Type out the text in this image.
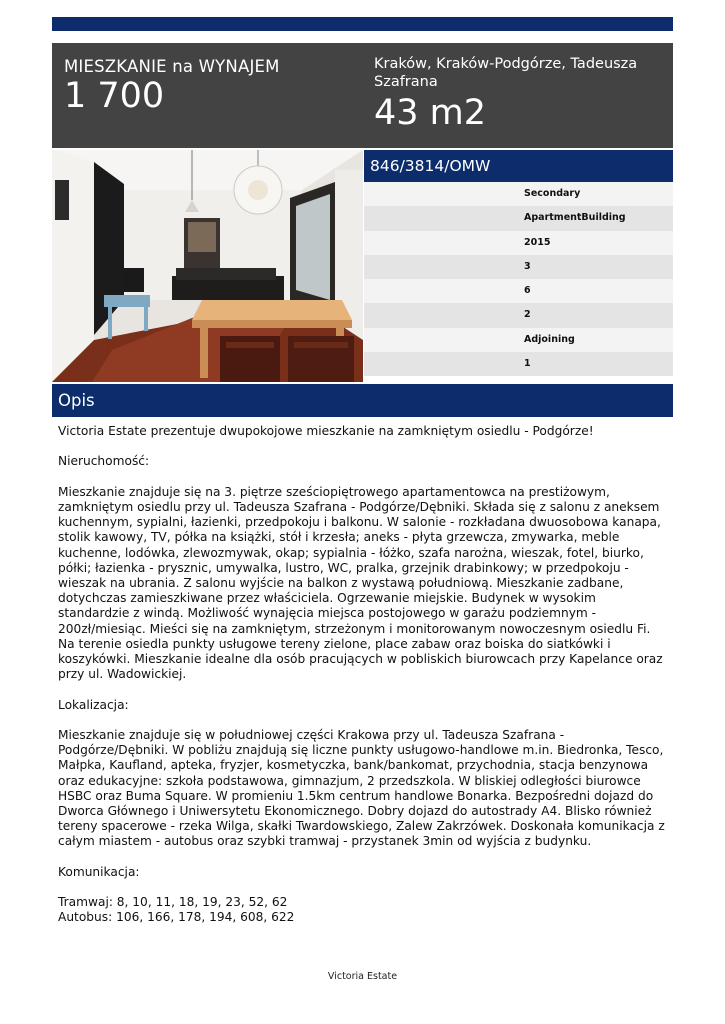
MIESZKANIE na WYNAJEM
1 700
Kraków, Kraków-Podgórze, Tadeusza Szafrana
43 m2
846/3814/OMW
Secondary
ApartmentBuilding
2015
3
6
2
Adjoining
1
Opis

Victoria Estate prezentuje dwupokojowe mieszkanie na zamkniętym osiedlu - Podgórze!

Nieruchomość:

Mieszkanie znajduje się na 3. piętrze sześciopiętrowego apartamentowca na prestiżowym, zamkniętym osiedlu przy ul. Tadeusza Szafrana - Podgórze/Dębniki. Składa się z salonu z aneksem kuchennym, sypialni, łazienki, przedpokoju i balkonu. W salonie - rozkładana dwuosobowa kanapa, stolik kawowy, TV, półka na książki, stół i krzesła; aneks - płyta grzewcza, zmywarka, meble kuchenne, lodówka, zlewozmywak, okap; sypialnia - łóżko, szafa narożna, wieszak, fotel, biurko, półki; łazienka - prysznic, umywalka, lustro, WC, pralka, grzejnik drabinkowy; w przedpokoju - wieszak na ubrania. Z salonu wyjście na balkon z wystawą południową. Mieszkanie zadbane, dotychczas zamieszkiwane przez właściciela. Ogrzewanie miejskie. Budynek w wysokim standardzie z windą. Możliwość wynajęcia miejsca postojowego w garażu podziemnym - 200zł/miesiąc. Mieści się na zamkniętym, strzeżonym i monitorowanym nowoczesnym osiedlu Fi. Na terenie osiedla punkty usługowe tereny zielone, place zabaw oraz boiska do siatkówki i koszykówki. Mieszkanie idealne dla osób pracujących w pobliskich biurowcach przy Kapelance oraz przy ul. Wadowickiej.

Lokalizacja:

Mieszkanie znajduje się w południowej części Krakowa przy ul. Tadeusza Szafrana - Podgórze/Dębniki. W pobliżu znajdują się liczne punkty usługowo-handlowe m.in. Biedronka, Tesco, Małpka, Kaufland, apteka, fryzjer, kosmetyczka, bank/bankomat, przychodnia, stacja benzynowa oraz edukacyjne: szkoła podstawowa, gimnazjum, 2 przedszkola. W bliskiej odległości biurowce HSBC oraz Buma Square. W promieniu 1.5km centrum handlowe Bonarka. Bezpośredni dojazd do Dworca Głównego i Uniwersytetu Ekonomicznego. Dobry dojazd do autostrady A4. Blisko również tereny spacerowe - rzeka Wilga, skałki Twardowskiego, Zalew Zakrzówek. Doskonała komunikacja z całym miastem - autobus oraz szybki tramwaj - przystanek 3min od wyjścia z budynku.

Komunikacja:

Tramwaj: 8, 10, 11, 18, 19, 23, 52, 62
Autobus: 106, 166, 178, 194, 608, 622
Victoria Estate
